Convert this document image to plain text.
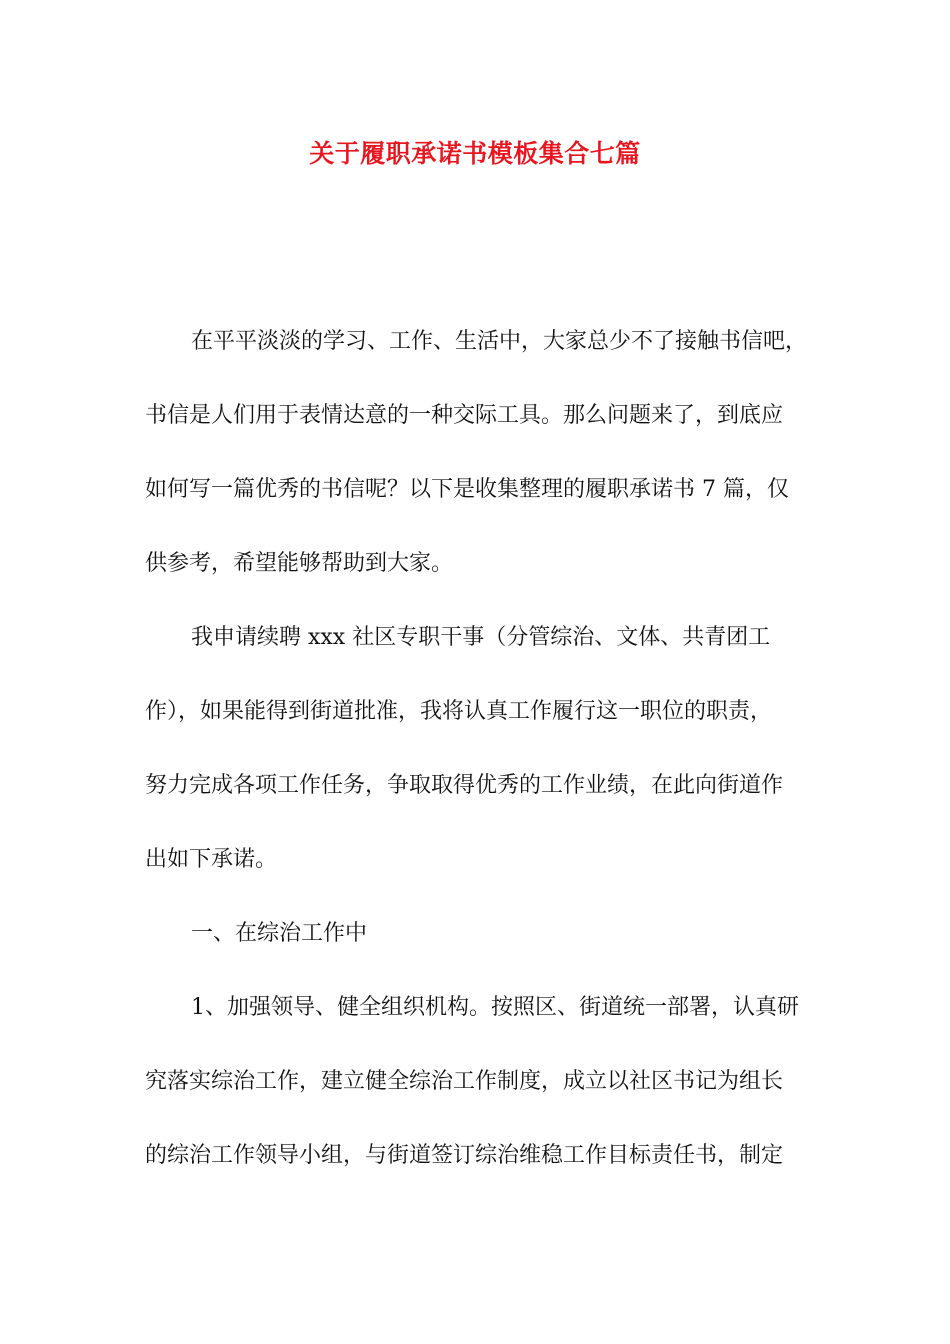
关于履职承诺书模板集合七篇
在平平淡淡的学习、工作、生活中，大家总少不了接触书信吧，
书信是人们用于表情达意的一种交际工具。那么问题来了，到底应
如何写一篇优秀的书信呢？以下是收集整理的履职承诺书 7 篇，仅
供参考，希望能够帮助到大家。
我申请续聘 xxx 社区专职干事（分管综治、文体、共青团工
作），如果能得到街道批准，我将认真工作履行这一职位的职责，
努力完成各项工作任务，争取取得优秀的工作业绩，在此向街道作
出如下承诺。
一、在综治工作中
1、加强领导、健全组织机构。按照区、街道统一部署，认真研
究落实综治工作，建立健全综治工作制度，成立以社区书记为组长
的综治工作领导小组，与街道签订综治维稳工作目标责任书，制定
